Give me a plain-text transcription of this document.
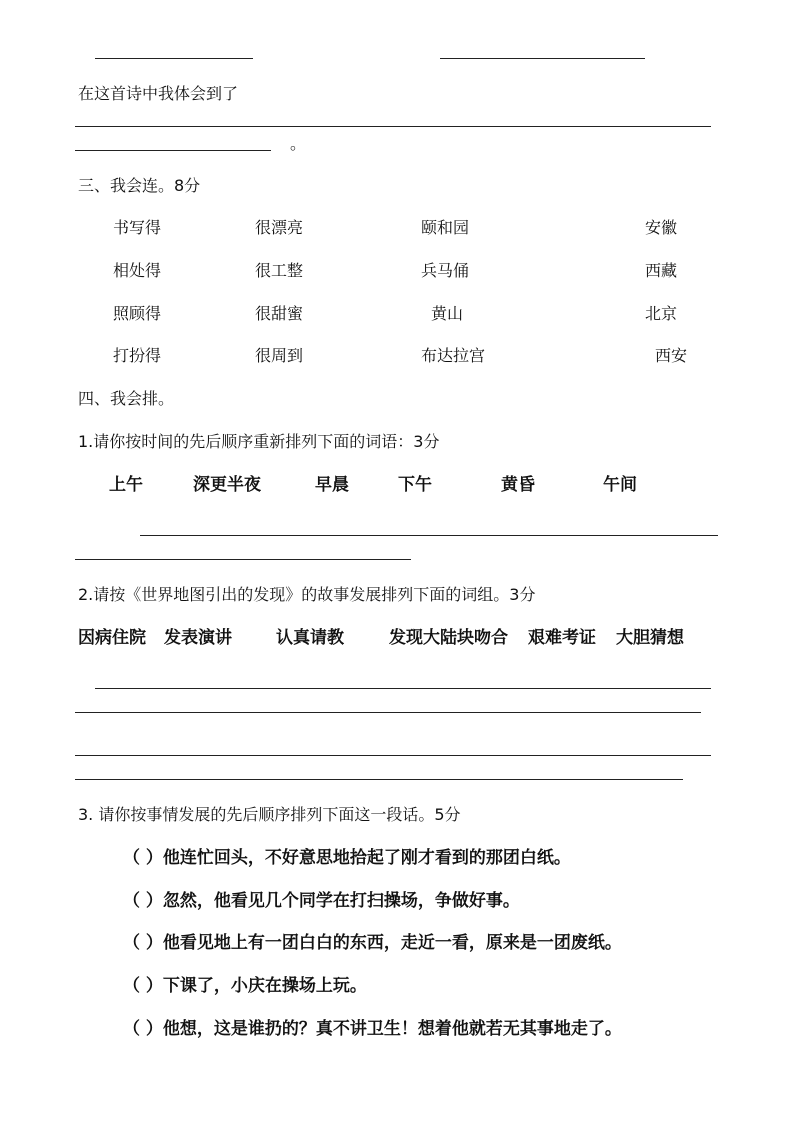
在这首诗中我体会到了
。
三、我会连。8分
书写得	很漂亮	颐和园	安徽
相处得	很工整	兵马俑	西藏
照顾得	很甜蜜	黄山	北京
打扮得	很周到	布达拉宫	西安
四、我会排。
1.请你按时间的先后顺序重新排列下面的词语：3分
上午	深更半夜	早晨	下午	黄昏	午间
2.请按《世界地图引出的发现》的故事发展排列下面的词组。3分
因病住院 发表演讲	认真请教	发现大陆块吻合 艰难考证 大胆猜想
3. 请你按事情发展的先后顺序排列下面这一段话。5分
（ ）他连忙回头，不好意思地拾起了刚才看到的那团白纸。
（ ）忽然，他看见几个同学在打扫操场，争做好事。
（ ）他看见地上有一团白白的东西，走近一看，原来是一团废纸。
（ ）下课了，小庆在操场上玩。
（ ）他想，这是谁扔的？真不讲卫生！想着他就若无其事地走了。
